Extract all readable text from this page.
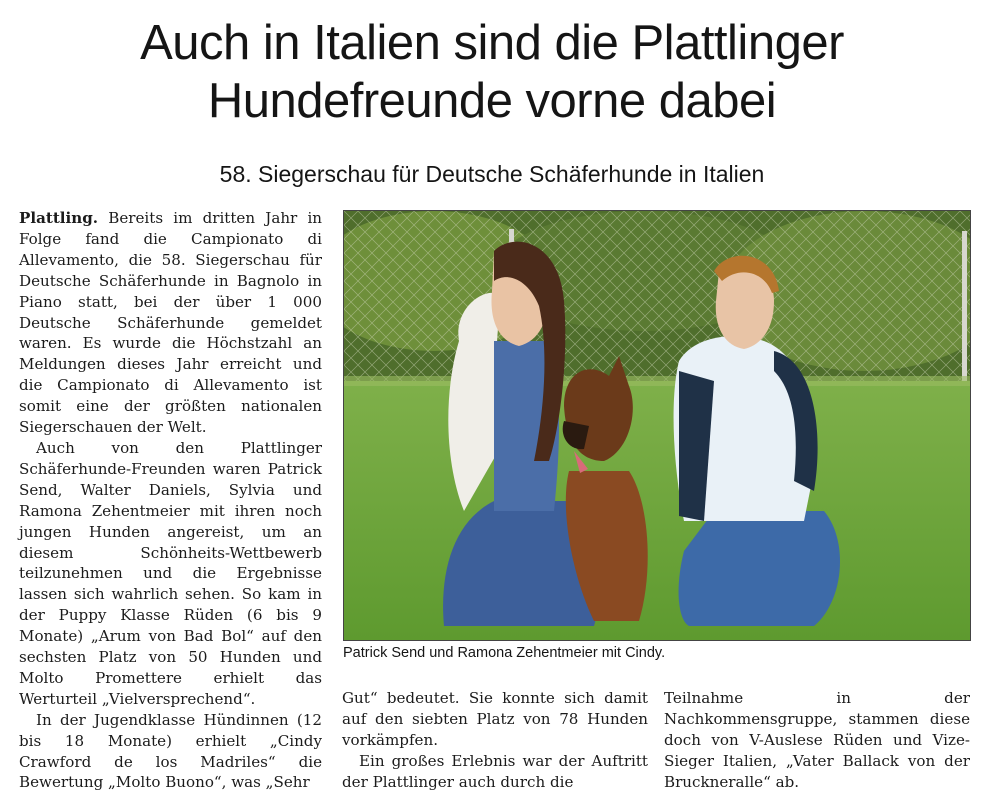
Auch in Italien sind die Plattlinger
Hundefreunde vorne dabei
58. Siegerschau für Deutsche Schäferhunde in Italien

Plattling. Bereits im dritten Jahr in Folge fand die Campionato di Allevamento, die 58. Siegerschau für Deutsche Schäferhunde in Bagnolo in Piano statt, bei der über 1 000 Deutsche Schäferhunde gemeldet waren. Es wurde die Höchstzahl an Meldungen dieses Jahr erreicht und die Campionato di Allevamento ist somit eine der größten nationalen Siegerschauen der Welt.

Auch von den Plattlinger Schäferhunde-Freunden waren Patrick Send, Walter Daniels, Sylvia und Ramona Zehentmeier mit ihren noch jungen Hunden angereist, um an diesem Schönheits-Wettbewerb teilzunehmen und die Ergebnisse lassen sich wahrlich sehen. So kam in der Puppy Klasse Rüden (6 bis 9 Monate) „Arum von Bad Bol“ auf den sechsten Platz von 50 Hunden und Molto Promettere erhielt das Werturteil „Vielversprechend“.

In der Jugendklasse Hündinnen (12 bis 18 Monate) erhielt „Cindy Crawford de los Madriles“ die Bewertung „Molto Buono“, was „Sehr

Patrick Send und Ramona Zehentmeier mit Cindy.

Gut“ bedeutet. Sie konnte sich damit auf den siebten Platz von 78 Hunden vorkämpfen.

Ein großes Erlebnis war der Auftritt der Plattlinger auch durch die

Teilnahme in der Nachkommensgruppe, stammen diese doch von V-Auslese Rüden und Vize-Sieger Italien, „Vater Ballack von der Bruckneralle“ ab.
